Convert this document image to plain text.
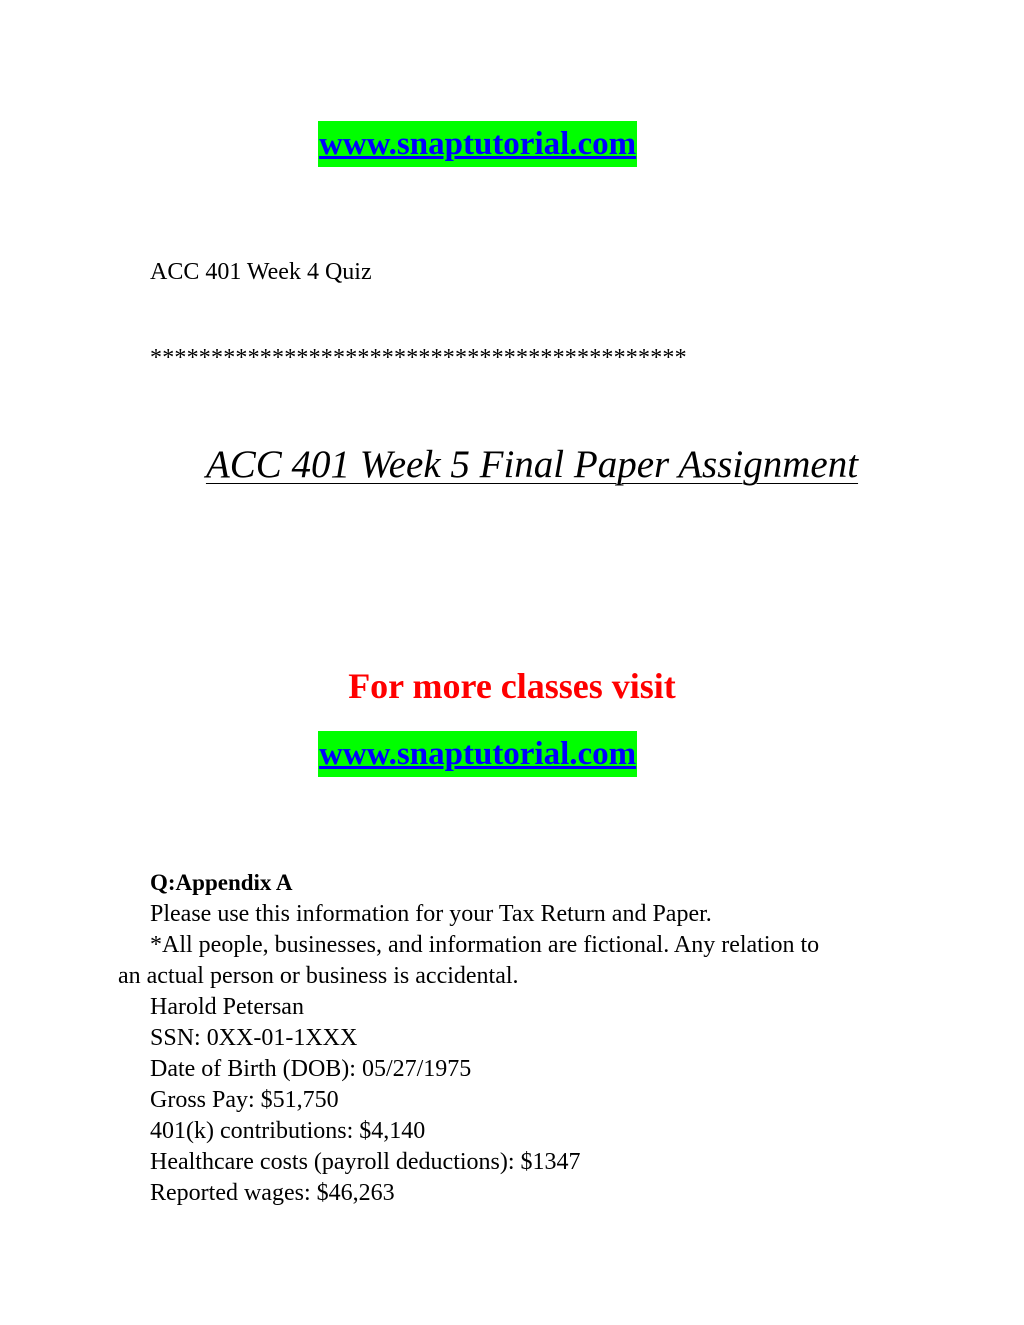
www.snaptutorial.com
ACC 401 Week 4 Quiz
********************************************
ACC 401 Week 5 Final Paper Assignment
For more classes visit
www.snaptutorial.com
Q:Appendix A
Please use this information for your Tax Return and Paper.
*All people, businesses, and information are fictional. Any relation to
an actual person or business is accidental.
Harold Petersan
SSN: 0XX-01-1XXX
Date of Birth (DOB): 05/27/1975
Gross Pay: $51,750
401(k) contributions: $4,140
Healthcare costs (payroll deductions): $1347
Reported wages: $46,263
